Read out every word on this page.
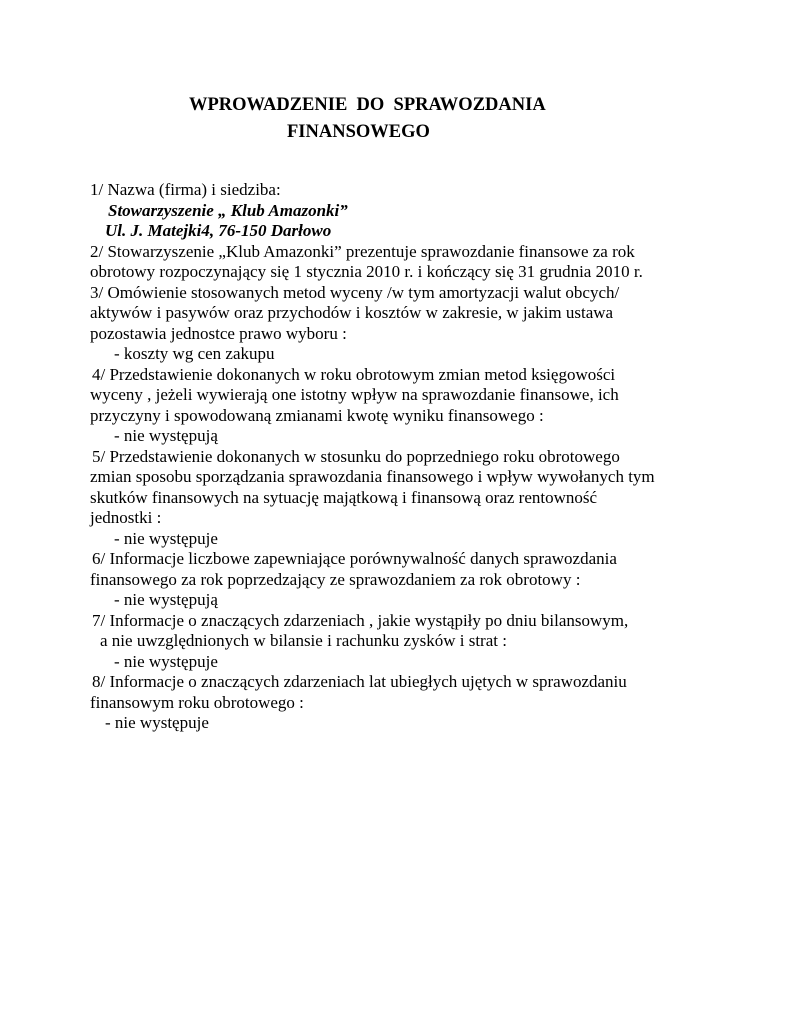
WPROWADZENIE  DO  SPRAWOZDANIA
FINANSOWEGO
1/ Nazwa (firma) i siedziba:
Stowarzyszenie „ Klub Amazonki”
Ul. J. Matejki4, 76-150 Darłowo
2/ Stowarzyszenie „Klub Amazonki” prezentuje sprawozdanie finansowe za rok
obrotowy rozpoczynający się 1 stycznia 2010 r. i kończący się 31 grudnia 2010 r.
3/ Omówienie stosowanych metod wyceny /w tym amortyzacji walut obcych/
aktywów i pasywów oraz przychodów i kosztów w zakresie, w jakim ustawa
pozostawia jednostce prawo wyboru :
- koszty wg cen zakupu
4/ Przedstawienie dokonanych w roku obrotowym zmian metod księgowości
wyceny , jeżeli wywierają one istotny wpływ na sprawozdanie finansowe, ich
przyczyny i spowodowaną zmianami kwotę wyniku finansowego :
- nie występują
5/ Przedstawienie dokonanych w stosunku do poprzedniego roku obrotowego
zmian sposobu sporządzania sprawozdania finansowego i wpływ wywołanych tym
skutków finansowych na sytuację majątkową i finansową oraz rentowność
jednostki :
- nie występuje
6/ Informacje liczbowe zapewniające porównywalność danych sprawozdania
finansowego za rok poprzedzający ze sprawozdaniem za rok obrotowy :
- nie występują
7/ Informacje o znaczących zdarzeniach , jakie wystąpiły po dniu bilansowym,
a nie uwzględnionych w bilansie i rachunku zysków i strat :
- nie występuje
8/ Informacje o znaczących zdarzeniach lat ubiegłych ujętych w sprawozdaniu
finansowym roku obrotowego :
- nie występuje
